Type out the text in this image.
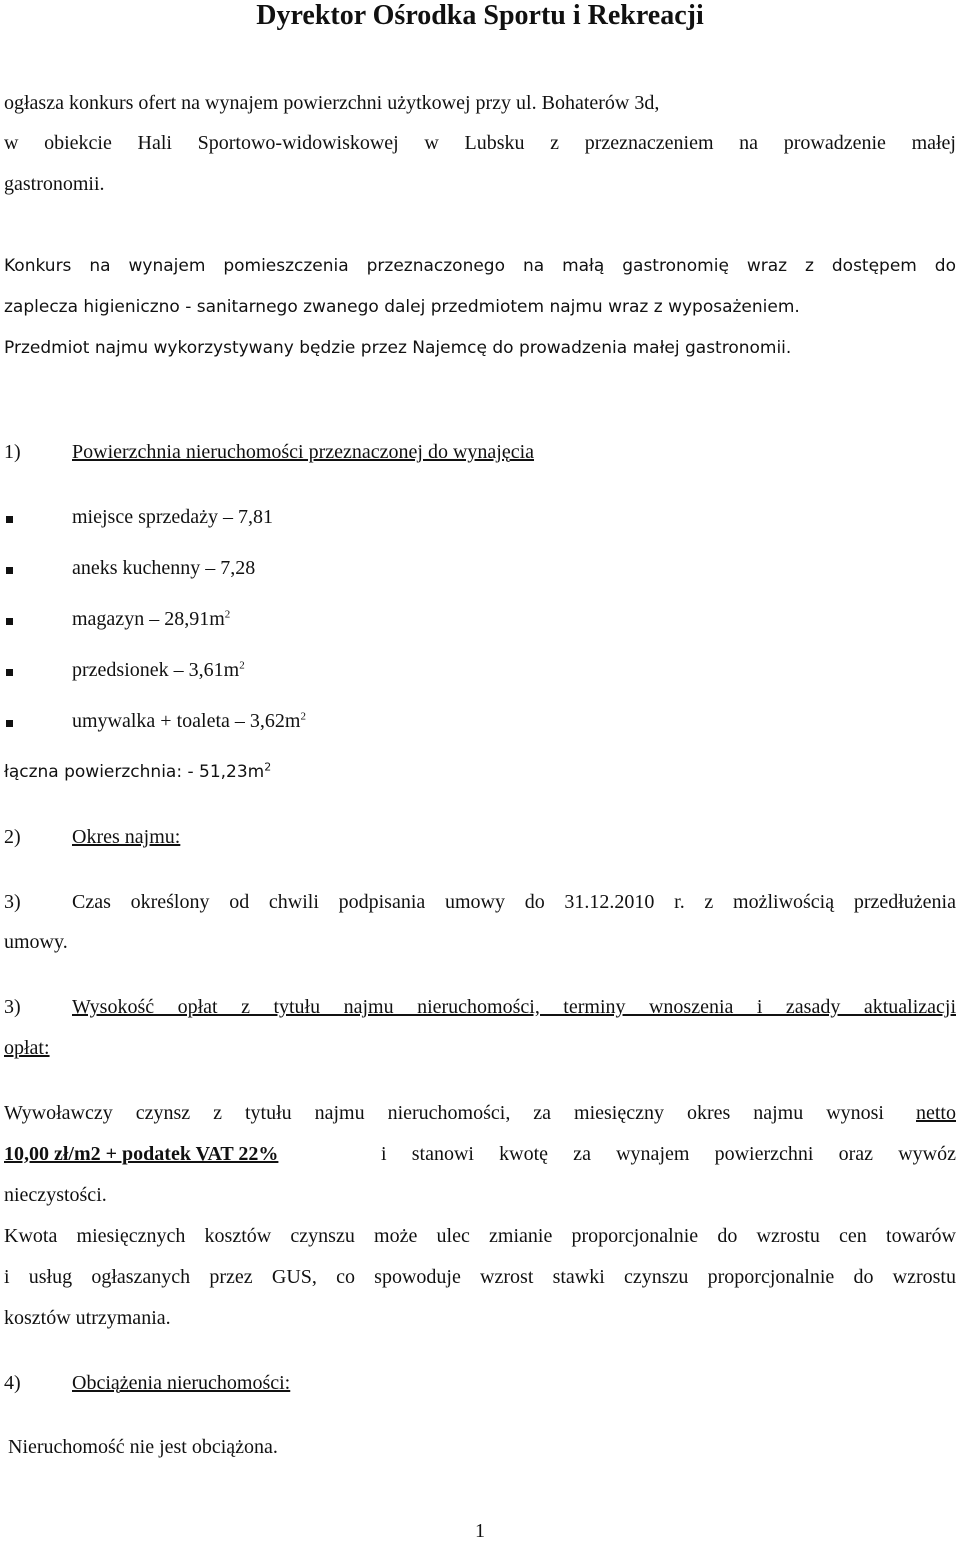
Dyrektor Ośrodka Sportu i Rekreacji
ogłasza konkurs ofert na wynajem powierzchni użytkowej przy ul. Bohaterów 3d,
w obiekcie Hali Sportowo-widowiskowej w Lubsku z przeznaczeniem na prowadzenie małej
gastronomii.
Konkurs na wynajem pomieszczenia przeznaczonego na małą gastronomię wraz z dostępem do
zaplecza higieniczno - sanitarnego zwanego dalej przedmiotem najmu wraz z wyposażeniem.
Przedmiot najmu wykorzystywany będzie przez Najemcę do prowadzenia małej gastronomii.
1)	Powierzchnia nieruchomości przeznaczonej do wynajęcia
miejsce sprzedaży – 7,81
aneks kuchenny – 7,28
magazyn – $28,91m^2$
przedsionek – $3,61m^2$
umywalka + toaleta – $3,62m^2$
łączna powierzchnia: - $51,23m^2$
2)	Okres najmu:
3)	Czas określony od chwili podpisania umowy do 31.12.2010 r. z możliwością przedłużenia
umowy.
3)	Wysokość opłat z tytułu najmu nieruchomości, terminy wnoszenia i zasady aktualizacji
opłat:
Wywoławczy czynsz z tytułu najmu nieruchomości, za miesięczny okres najmu wynosi netto
10,00 zł/m2 + podatek VAT 22%	i stanowi kwotę za wynajem powierzchni oraz wywóz
nieczystości.
Kwota miesięcznych kosztów czynszu może ulec zmianie proporcjonalnie do wzrostu cen towarów
i usług ogłaszanych przez GUS, co spowoduje wzrost stawki czynszu proporcjonalnie do wzrostu
kosztów utrzymania.
4)	Obciążenia nieruchomości:
Nieruchomość nie jest obciążona.
1
